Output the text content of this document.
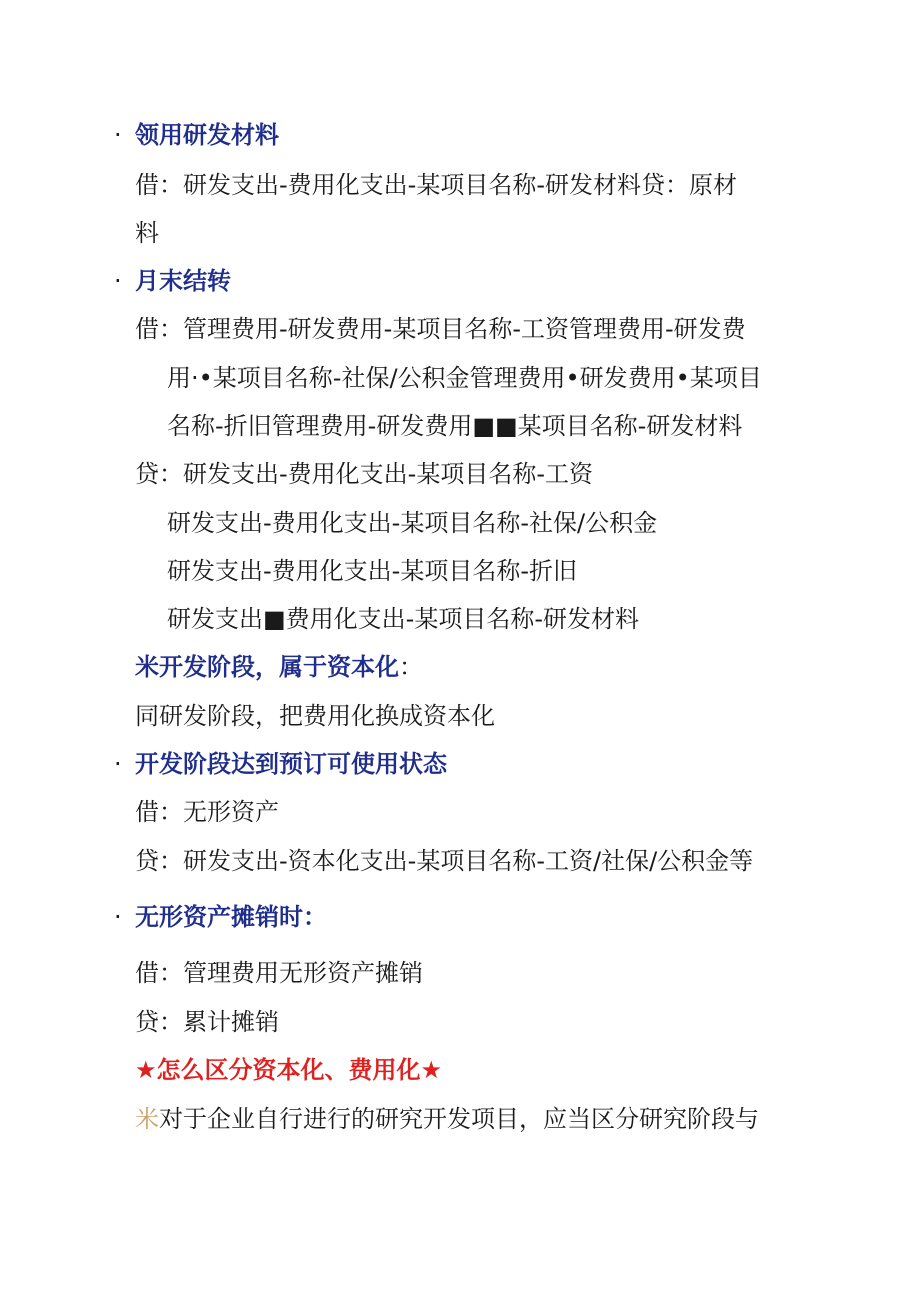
· 领用研发材料
借：研发支出-费用化支出-某项目名称-研发材料贷：原材
料
· 月末结转
借：管理费用-研发费用-某项目名称-工资管理费用-研发费
用·•某项目名称-社保/公积金管理费用•研发费用•某项目
名称-折旧管理费用-研发费用■■某项目名称-研发材料
贷：研发支出-费用化支出-某项目名称-工资
研发支出-费用化支出-某项目名称-社保/公积金
研发支出-费用化支出-某项目名称-折旧
研发支出■费用化支出-某项目名称-研发材料
米开发阶段，属于资本化：
同研发阶段，把费用化换成资本化
· 开发阶段达到预订可使用状态
借：无形资产
贷：研发支出-资本化支出-某项目名称-工资/社保/公积金等
· 无形资产摊销时：
借：管理费用无形资产摊销
贷：累计摊销
★怎么区分资本化、费用化★
米对于企业自行进行的研究开发项目，应当区分研究阶段与
